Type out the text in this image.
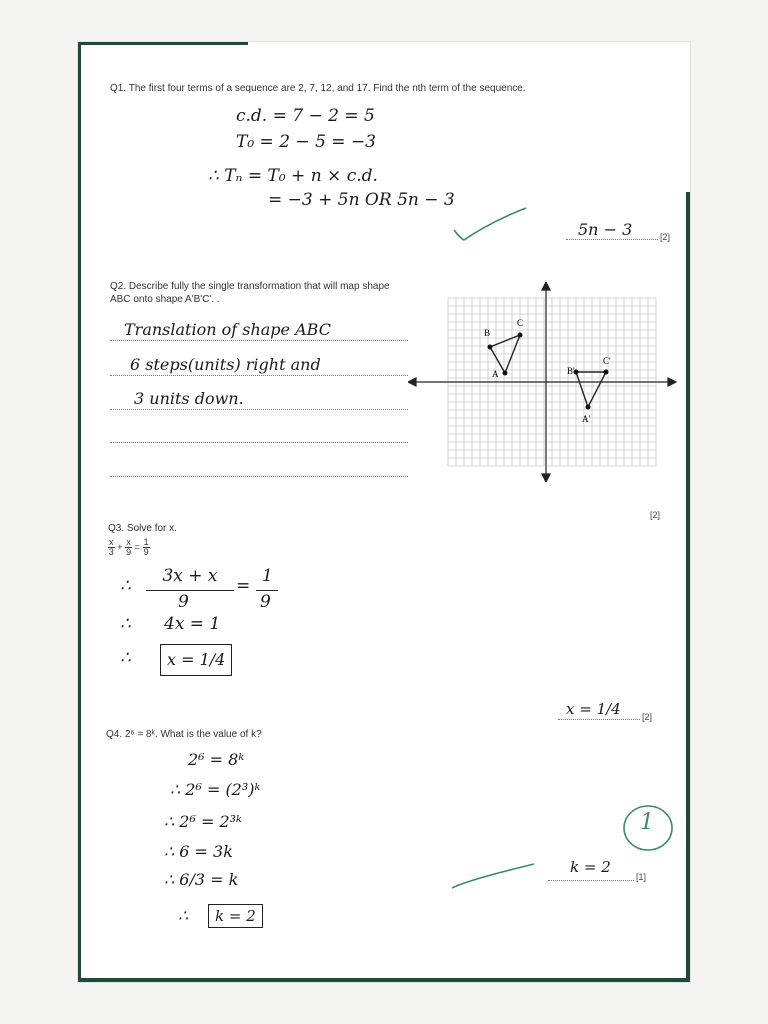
Q1. The first four terms of a sequence are 2, 7, 12, and 17. Find the nth term of the sequence.
c.d. = 7 − 2 = 5
T₀ = 2 − 5 = −3
∴ Tₙ = T₀ + n × c.d.
= −3 + 5n OR 5n − 3
5n − 3	[2]
Q2. Describe fully the single transformation that will map shape
ABC onto shape A'B'C'. .
Translation of shape ABC
6 steps(units) right and
3 units down.
A
B
C
A'
B'
C'
[2]
Q3. Solve for x.
$\frac{x}{3} + \frac{x}{9} = \frac{1}{9}$
∴	3x + x
9
= 1
9
∴ 4x = 1
∴	x = 1/4
x = 1/4 [2]
Q4. 2⁶ = 8ᵏ. What is the value of k?
2⁶ = 8ᵏ
∴ 2⁶ = (2³)ᵏ
∴ 2⁶ = 2³ᵏ
∴ 6 = 3k
∴ 6/3 = k
∴	k = 2
1
k = 2
[1]
